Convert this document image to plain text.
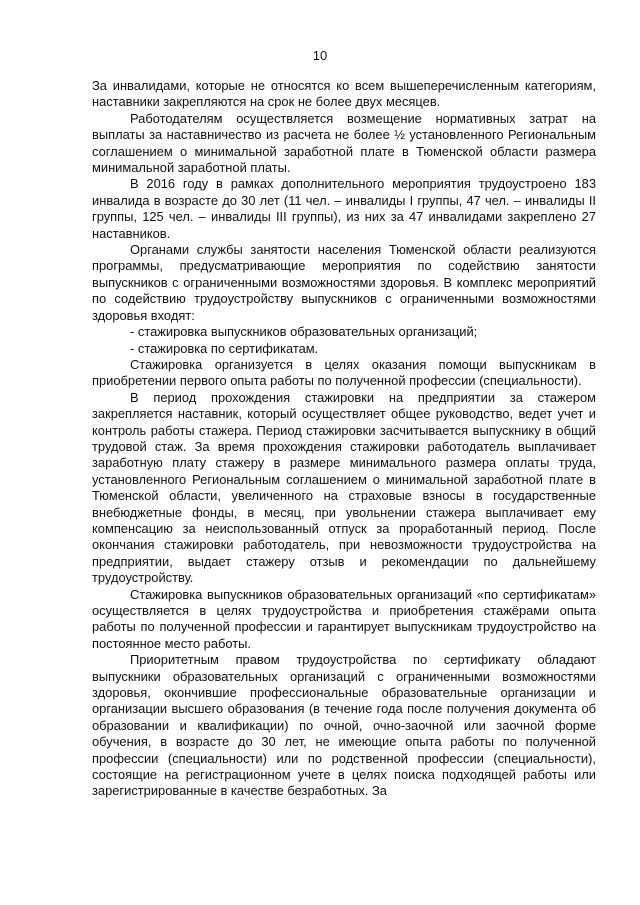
10

За инвалидами, которые не относятся ко всем вышеперечисленным категориям, наставники закрепляются на срок не более двух месяцев.

Работодателям осуществляется возмещение нормативных затрат на выплаты за наставничество из расчета не более ½ установленного Региональным соглашением о минимальной заработной плате в Тюменской области размера минимальной заработной платы.

В 2016 году в рамках дополнительного мероприятия трудоустроено 183 инвалида в возрасте до 30 лет (11 чел. – инвалиды I группы, 47 чел. – инвалиды II группы, 125 чел. – инвалиды III группы), из них за 47 инвалидами закреплено 27 наставников.

Органами службы занятости населения Тюменской области реализуются программы, предусматривающие мероприятия по содействию занятости выпускников с ограниченными возможностями здоровья. В комплекс мероприятий по содействию трудоустройству выпускников с ограниченными возможностями здоровья входят:

- стажировка выпускников образовательных организаций;

- стажировка по сертификатам.

Стажировка организуется в целях оказания помощи выпускникам в приобретении первого опыта работы по полученной профессии (специальности).

В период прохождения стажировки на предприятии за стажером закрепляется наставник, который осуществляет общее руководство, ведет учет и контроль работы стажера. Период стажировки засчитывается выпускнику в общий трудовой стаж. За время прохождения стажировки работодатель выплачивает заработную плату стажеру в размере минимального размера оплаты труда, установленного Региональным соглашением о минимальной заработной плате в Тюменской области, увеличенного на страховые взносы в государственные внебюджетные фонды, в месяц, при увольнении стажера выплачивает ему компенсацию за неиспользованный отпуск за проработанный период. После окончания стажировки работодатель, при невозможности трудоустройства на предприятии, выдает стажеру отзыв и рекомендации по дальнейшему трудоустройству.

Стажировка выпускников образовательных организаций «по сертификатам» осуществляется в целях трудоустройства и приобретения стажёрами опыта работы по полученной профессии и гарантирует выпускникам трудоустройство на постоянное место работы.

Приоритетным правом трудоустройства по сертификату обладают выпускники образовательных организаций с ограниченными возможностями здоровья, окончившие профессиональные образовательные организации и организации высшего образования (в течение года после получения документа об образовании и квалификации) по очной, очно-заочной или заочной форме обучения, в возрасте до 30 лет, не имеющие опыта работы по полученной профессии (специальности) или по родственной профессии (специальности), состоящие на регистрационном учете в целях поиска подходящей работы или зарегистрированные в качестве безработных. За
